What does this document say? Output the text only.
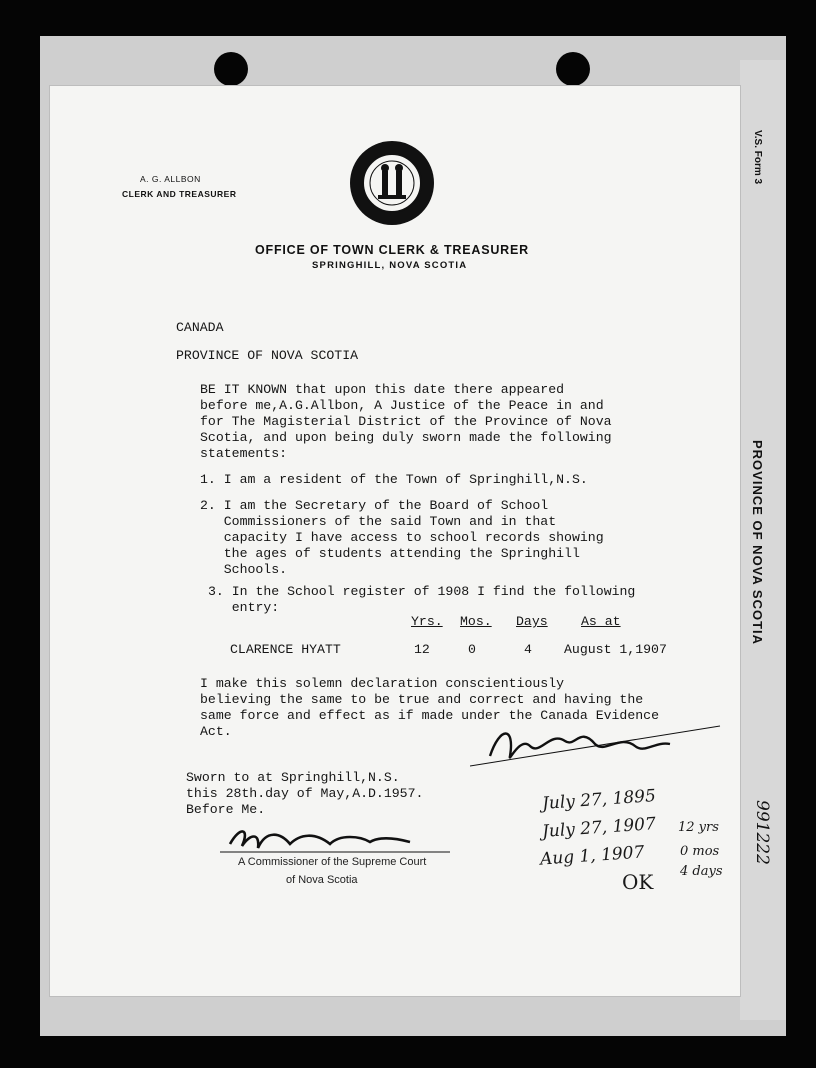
V.S. Form 3
PROVINCE OF NOVA SCOTIA
991222
A. G. ALLBON
CLERK AND TREASURER
OFFICE OF TOWN CLERK & TREASURER
SPRINGHILL, NOVA SCOTIA
CANADA
PROVINCE OF NOVA SCOTIA
BE IT KNOWN that upon this date there appeared
before me,A.G.Allbon, A Justice of the Peace in and
for The Magisterial District of the Province of Nova
Scotia, and upon being duly sworn made the following
statements:
1. I am a resident of the Town of Springhill,N.S.
2. I am the Secretary of the Board of School
Commissioners of the said Town and in that
capacity I have access to school records showing
the ages of students attending the Springhill
Schools.
3. In the School register of 1908 I find the following
entry:
Yrs. Mos. Days	As at
CLARENCE HYATT	12	0	4 August 1,1907
I make this solemn declaration conscientiously
believing the same to be true and correct and having the
same force and effect as if made under the Canada Evidence
Act.
Sworn to at Springhill,N.S.
this 28th.day of May,A.D.1957.
Before Me.
A Commissioner of the Supreme Court
of Nova Scotia
July 27, 1895
July 27, 1907
Aug 1, 1907
12 yrs
0 mos
4 days
OK
